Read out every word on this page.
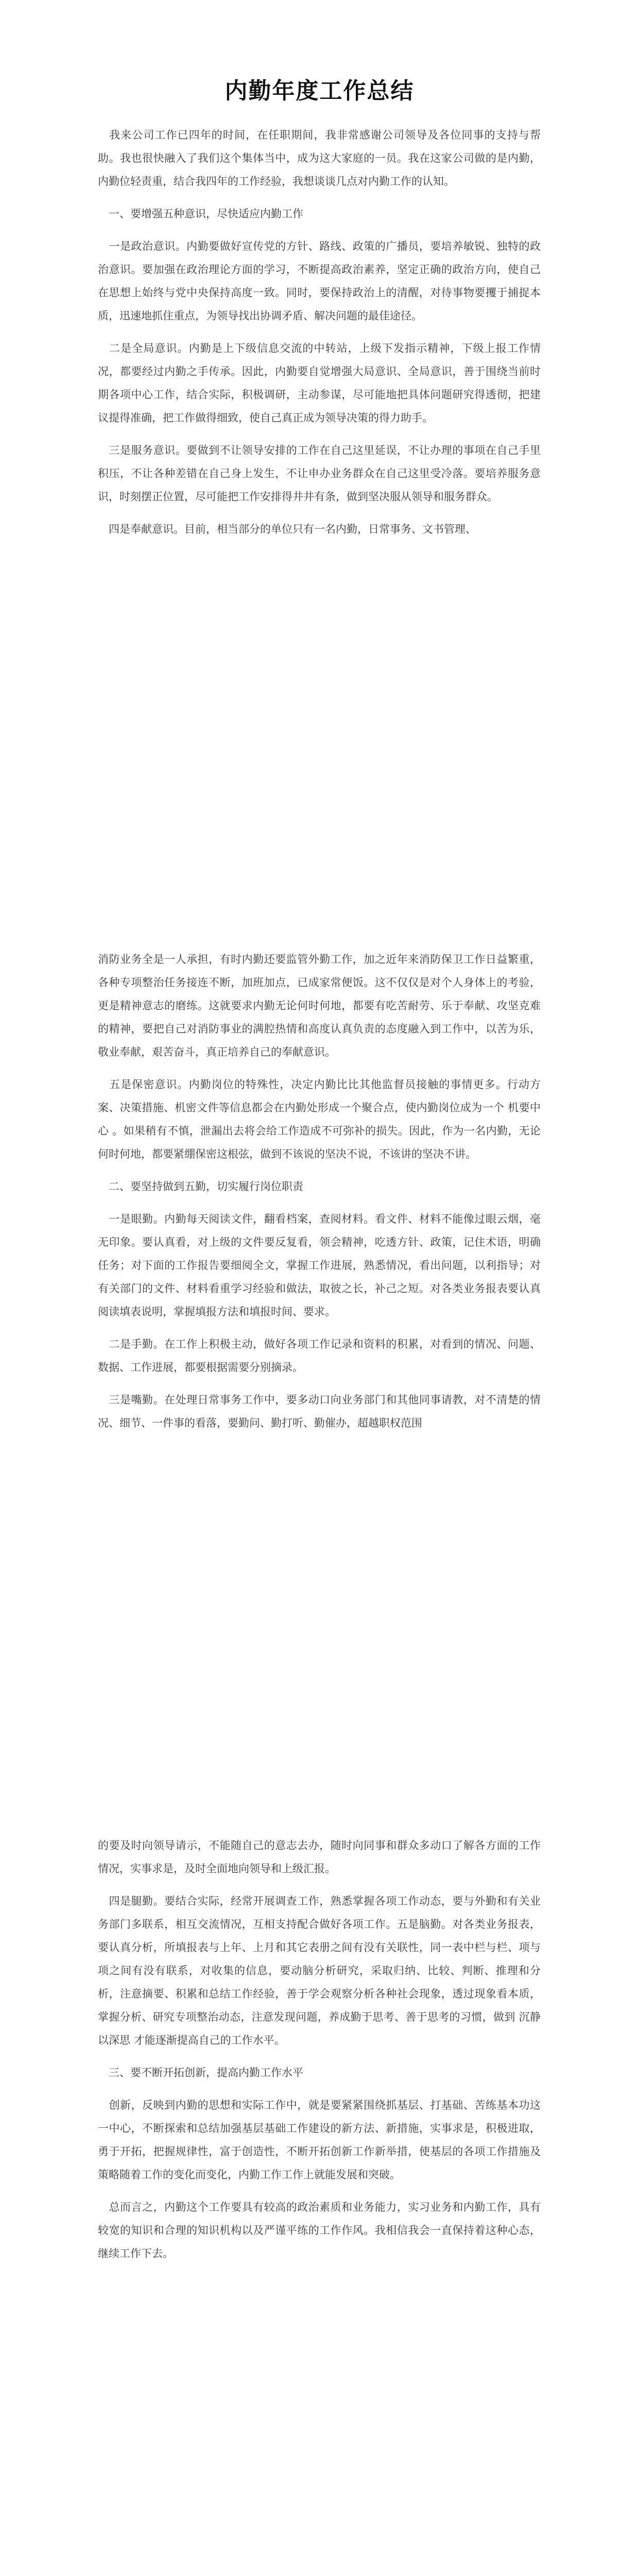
内勤年度工作总结

　我来公司工作已四年的时间，在任职期间，我非常感谢公司领导及各位同事的支持与帮助。我也很快融入了我们这个集体当中，成为这大家庭的一员。我在这家公司做的是内勤，内勤位轻责重，结合我四年的工作经验，我想谈谈几点对内勤工作的认知。

　一、要增强五种意识，尽快适应内勤工作

　一是政治意识。内勤要做好宣传党的方针、路线、政策的广播员，要培养敏锐、独特的政治意识。要加强在政治理论方面的学习，不断提高政治素养，坚定正确的政治方向，使自己在思想上始终与党中央保持高度一致。同时，要保持政治上的清醒，对待事物要攫于捕捉本质，迅速地抓住重点，为领导找出协调矛盾、解决问题的最佳途径。

　二是全局意识。内勤是上下级信息交流的中转站，上级下发指示精神，下级上报工作情况，都要经过内勤之手传承。因此，内勤要自觉增强大局意识、全局意识，善于围绕当前时期各项中心工作，结合实际，积极调研，主动参谋，尽可能地把具体问题研究得透彻，把建议提得准确，把工作做得细致，使自己真正成为领导决策的得力助手。

　三是服务意识。要做到不让领导安排的工作在自己这里延误，不让办理的事项在自己手里积压，不让各种差错在自己身上发生，不让申办业务群众在自己这里受冷落。要培养服务意识，时刻摆正位置，尽可能把工作安排得井井有条，做到坚决服从领导和服务群众。

　四是奉献意识。目前，相当部分的单位只有一名内勤，日常事务、文书管理、

消防业务全是一人承担，有时内勤还要监管外勤工作，加之近年来消防保卫工作日益繁重，各种专项整治任务接连不断，加班加点，已成家常便饭。这不仅仅是对个人身体上的考验，更是精神意志的磨练。这就要求内勤无论何时何地，都要有吃苦耐劳、乐于奉献、攻坚克难的精神，要把自己对消防事业的满腔热情和高度认真负责的态度融入到工作中，以苦为乐，敬业奉献，艰苦奋斗，真正培养自己的奉献意识。

　五是保密意识。内勤岗位的特殊性，决定内勤比比其他监督员接触的事情更多。行动方案、决策措施、机密文件等信息都会在内勤处形成一个聚合点，使内勤岗位成为一个 机要中心 。如果稍有不慎，泄漏出去将会给工作造成不可弥补的损失。因此，作为一名内勤，无论何时何地，都要紧绷保密这根弦，做到不该说的坚决不说，不该讲的坚决不讲。

　二、要坚持做到五勤，切实履行岗位职责

　一是眼勤。内勤每天阅读文件，翻看档案，查阅材料。看文件、材料不能像过眼云烟，毫无印象。要认真看，对上级的文件要反复看，领会精神，吃透方针、政策，记住术语，明确任务；对下面的工作报告要细阅全文，掌握工作进展，熟悉情况，看出问题，以利指导；对有关部门的文件、材料看重学习经验和做法，取彼之长，补己之短。对各类业务报表要认真阅读填表说明，掌握填报方法和填报时间、要求。

　二是手勤。在工作上积极主动，做好各项工作记录和资料的积累，对看到的情况、问题、数据、工作进展，都要根据需要分别摘录。

　三是嘴勤。在处理日常事务工作中，要多动口向业务部门和其他同事请教，对不清楚的情况、细节、一件事的看落，要勤问、勤打听、勤催办，超越职权范围

的要及时向领导请示，不能随自己的意志去办，随时向同事和群众多动口了解各方面的工作情况，实事求是，及时全面地向领导和上级汇报。

　四是腿勤。要结合实际，经常开展调查工作，熟悉掌握各项工作动态，要与外勤和有关业务部门多联系，相互交流情况，互相支持配合做好各项工作。五是脑勤。对各类业务报表，要认真分析，所填报表与上年、上月和其它表册之间有没有关联性，同一表中栏与栏、项与项之间有没有联系，对收集的信息，要动脑分析研究，采取归纳、比较、判断、推理和分析，注意摘要、积累和总结工作经验，善于学会观察分析各种社会现象，透过现象看本质，掌握分析、研究专项整治动态，注意发现问题，养成勤于思考、善于思考的习惯，做到 沉静以深思 才能逐渐提高自己的工作水平。

　三、要不断开拓创新，提高内勤工作水平

　创新，反映到内勤的思想和实际工作中，就是要紧紧围绕抓基层、打基础、苦练基本功这一中心，不断探索和总结加强基层基础工作建设的新方法、新措施，实事求是，积极进取，勇于开拓，把握规律性，富于创造性，不断开拓创新工作新举措，使基层的各项工作措施及策略随着工作的变化而变化，内勤工作工作上就能发展和突破。

　总而言之，内勤这个工作要具有较高的政治素质和业务能力，实习业务和内勤工作，具有较宽的知识和合理的知识机构以及严谨平练的工作作风。我相信我会一直保持着这种心态，继续工作下去。
